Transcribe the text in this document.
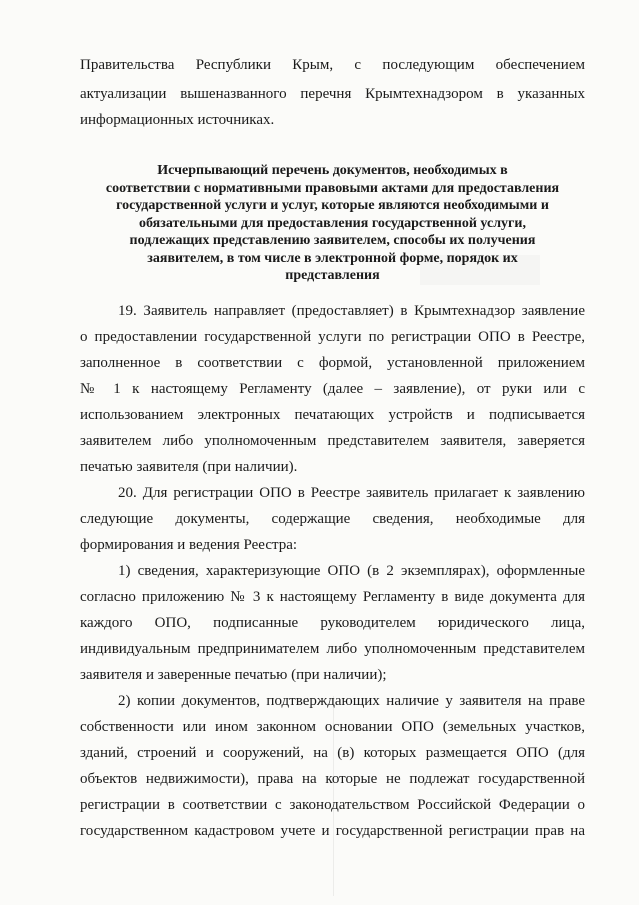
Правительства Республики Крым, с последующим обеспечением
актуализации вышеназванного перечня Крымтехнадзором в указанных
информационных источниках.
Исчерпывающий перечень документов, необходимых в
соответствии с нормативными правовыми актами для предоставления
государственной услуги и услуг, которые являются необходимыми и
обязательными для предоставления государственной услуги,
подлежащих представлению заявителем, способы их получения
заявителем, в том числе в электронной форме, порядок их
представления
19. Заявитель направляет (предоставляет) в Крымтехнадзор заявление
о предоставлении государственной услуги по регистрации ОПО в Реестре,
заполненное в соответствии с формой, установленной приложением
№ 1 к настоящему Регламенту (далее – заявление), от руки или с
использованием электронных печатающих устройств и подписывается
заявителем либо уполномоченным представителем заявителя, заверяется
печатью заявителя (при наличии).
20. Для регистрации ОПО в Реестре заявитель прилагает к заявлению
следующие документы, содержащие сведения, необходимые для
формирования и ведения Реестра:
1) сведения, характеризующие ОПО (в 2 экземплярах), оформленные
согласно приложению № 3 к настоящему Регламенту в виде документа для
каждого ОПО, подписанные руководителем юридического лица,
индивидуальным предпринимателем либо уполномоченным представителем
заявителя и заверенные печатью (при наличии);
2) копии документов, подтверждающих наличие у заявителя на праве
собственности или ином законном основании ОПО (земельных участков,
зданий, строений и сооружений, на (в) которых размещается ОПО (для
объектов недвижимости), права на которые не подлежат государственной
регистрации в соответствии с законодательством Российской Федерации о
государственном кадастровом учете и государственной регистрации прав на
